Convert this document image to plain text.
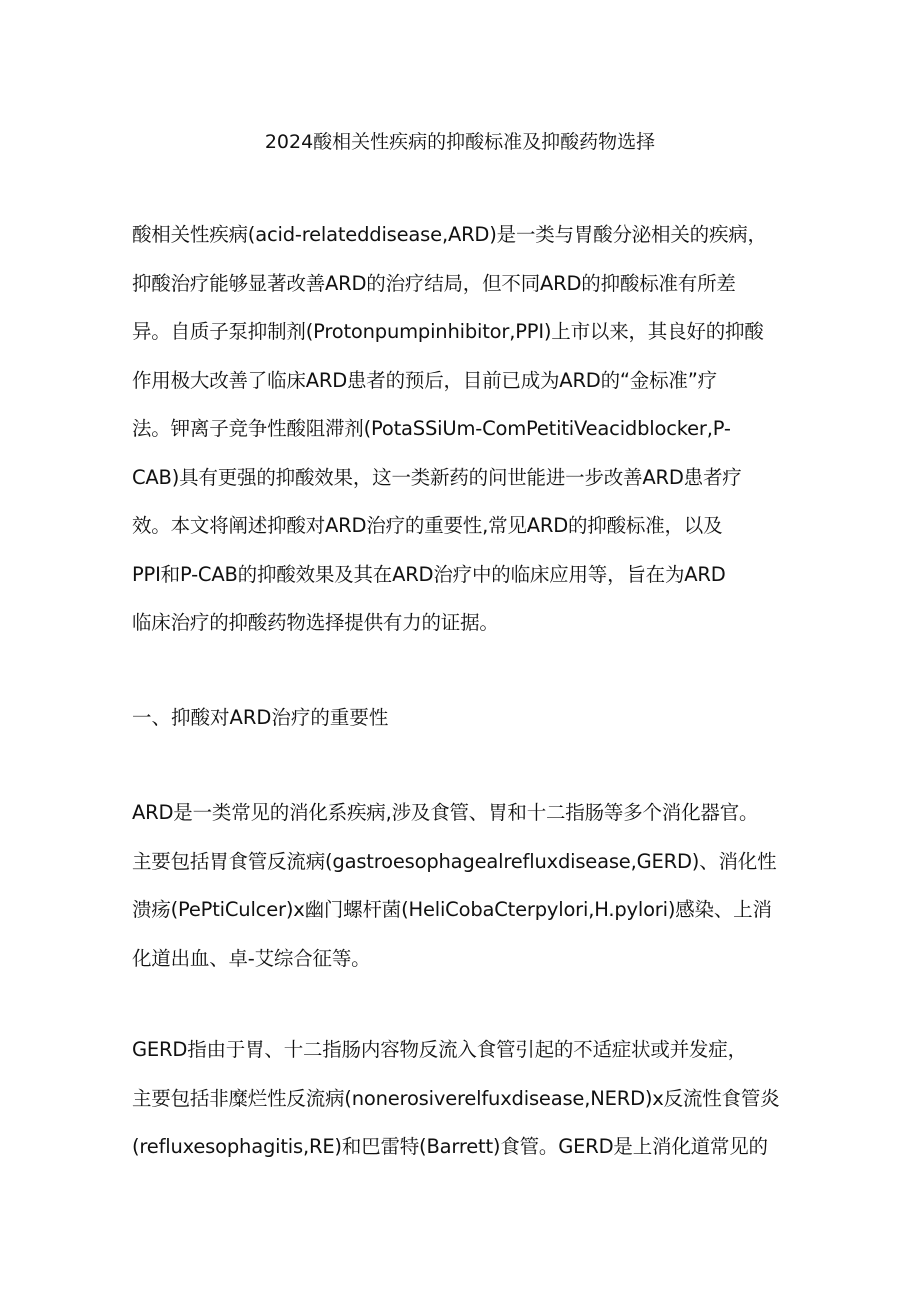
2024酸相关性疾病的抑酸标准及抑酸药物选择
酸相关性疾病(acid-relateddisease,ARD)是一类与胃酸分泌相关的疾病，
抑酸治疗能够显著改善ARD的治疗结局，但不同ARD的抑酸标准有所差
异。自质子泵抑制剂(Protonpumpinhibitor,PPI)上市以来，其良好的抑酸
作用极大改善了临床ARD患者的预后，目前已成为ARD的“金标准”疗
法。钾离子竞争性酸阻滞剂(PotaSSiUm-ComPetitiVeacidblocker,P-
CAB)具有更强的抑酸效果，这一类新药的问世能进一步改善ARD患者疗
效。本文将阐述抑酸对ARD治疗的重要性,常见ARD的抑酸标准，以及
PPI和P-CAB的抑酸效果及其在ARD治疗中的临床应用等，旨在为ARD
临床治疗的抑酸药物选择提供有力的证据。
一、抑酸对ARD治疗的重要性
ARD是一类常见的消化系疾病,涉及食管、胃和十二指肠等多个消化器官。
主要包括胃食管反流病(gastroesophagealrefluxdisease,GERD)、消化性
溃疡(PePtiCulcer)x幽门螺杆菌(HeliCobaCterpylori,H.pylori)感染、上消
化道出血、卓-艾综合征等。
GERD指由于胃、十二指肠内容物反流入食管引起的不适症状或并发症，
主要包括非糜烂性反流病(nonerosiverelfuxdisease,NERD)x反流性食管炎
(refluxesophagitis,RE)和巴雷特(Barrett)食管。GERD是上消化道常见的
